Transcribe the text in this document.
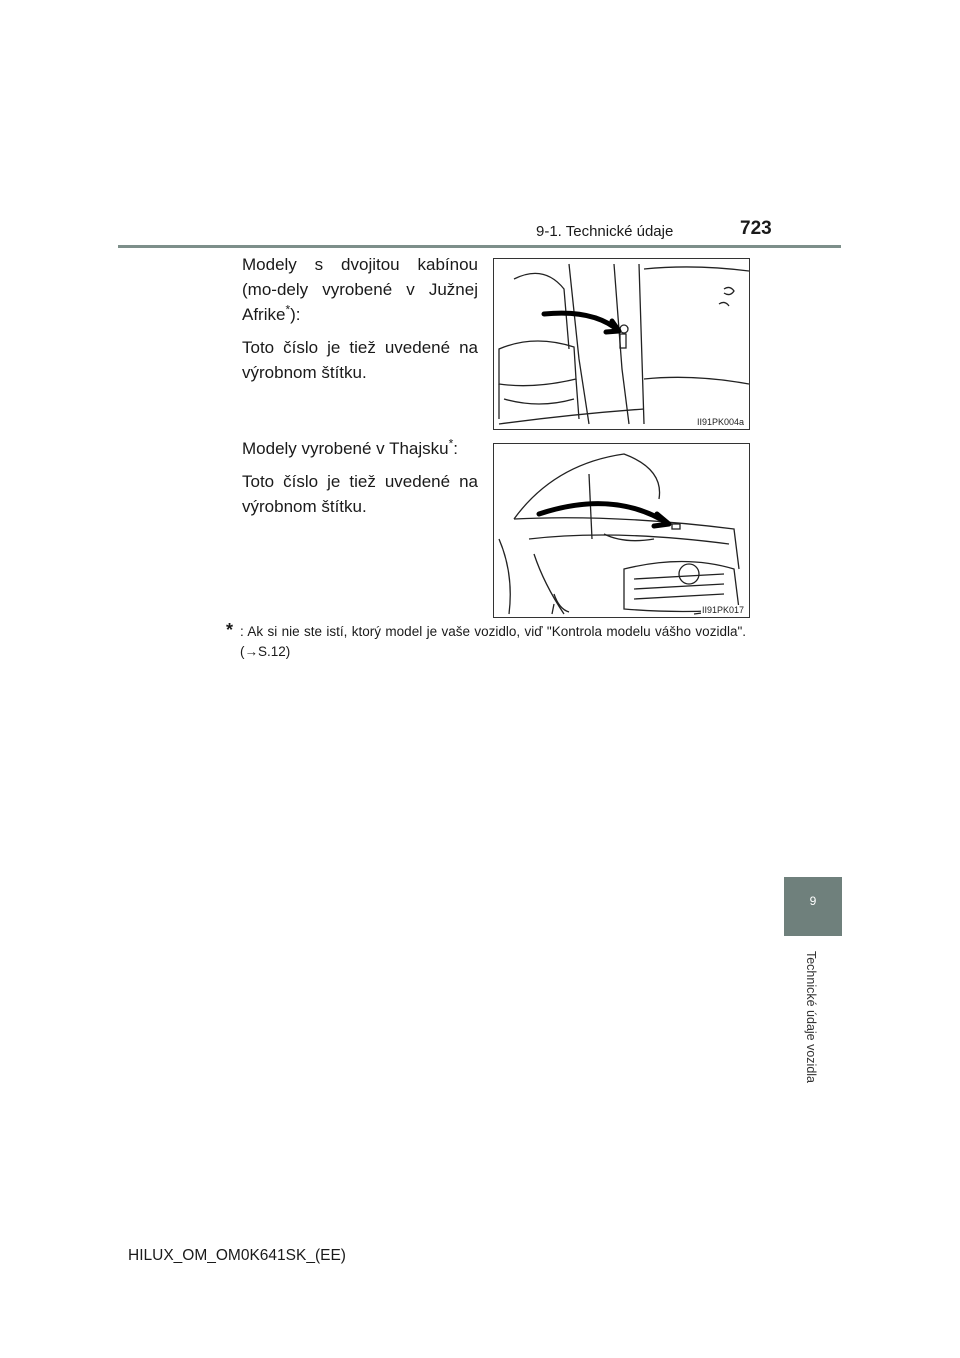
9-1. Technické údaje	723

Modely s dvojitou kabínou (mo-dely vyrobené v Južnej Afrike*):

Toto číslo je tiež uvedené na výrobnom štítku.

II91PK004a

Modely vyrobené v Thajsku*:

Toto číslo je tiež uvedené na výrobnom štítku.

II91PK017
* : Ak si nie ste istí, ktorý model je vaše vozidlo, viď "Kontrola modelu vášho vozidla". (→S.12)
9
Technické údaje vozidla
HILUX_OM_OM0K641SK_(EE)
